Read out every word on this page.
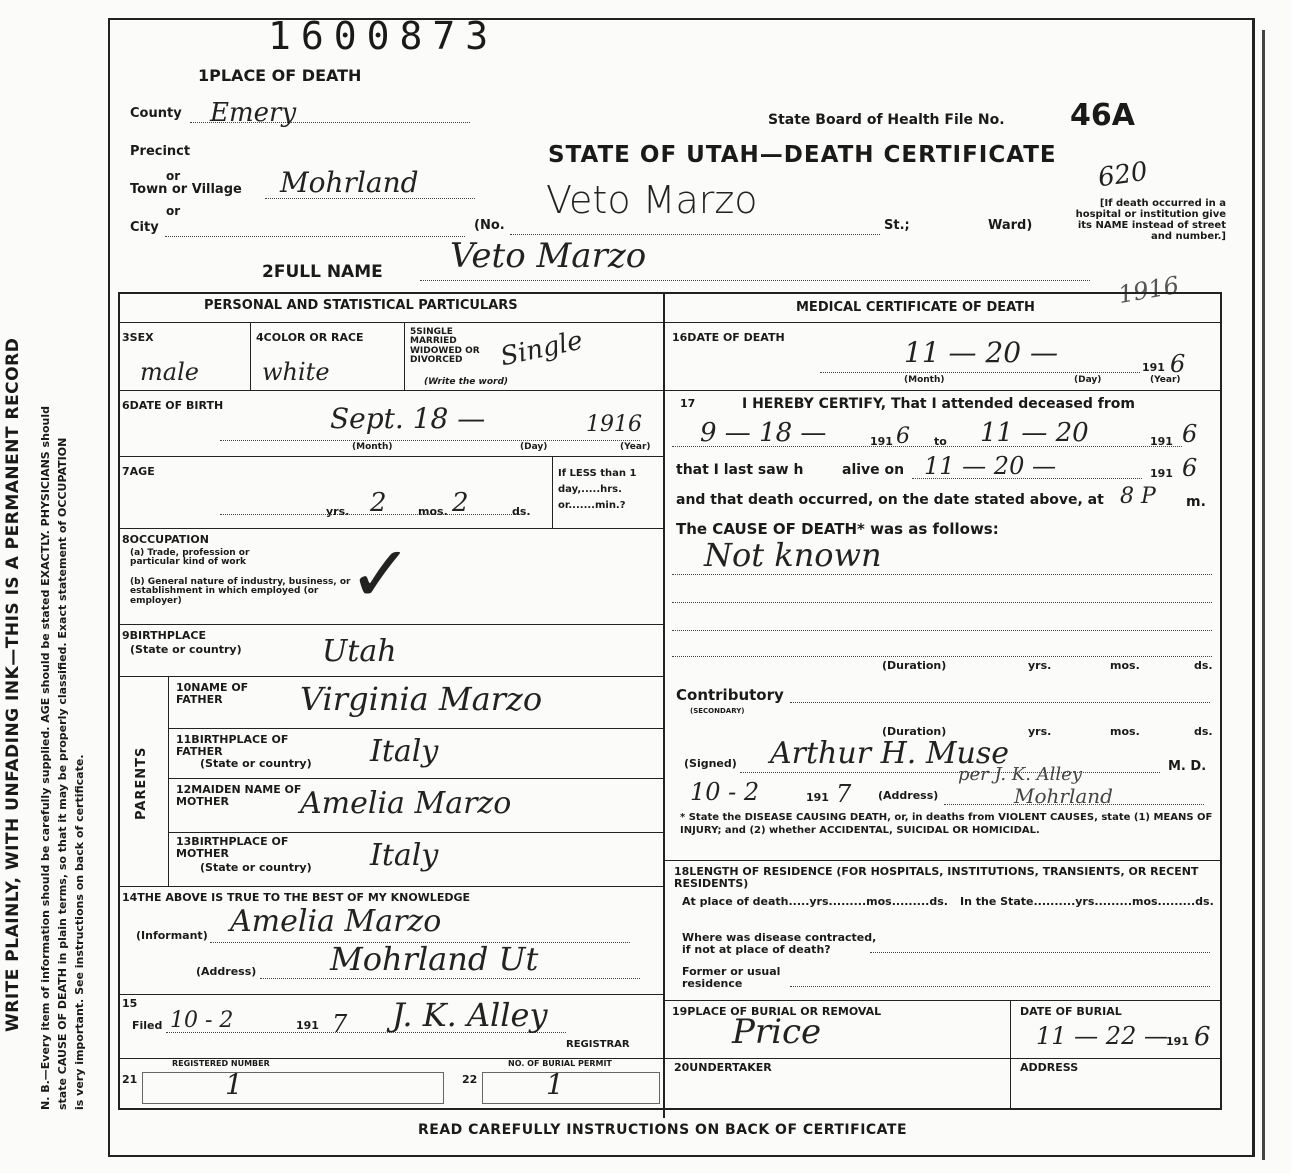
WRITE PLAINLY, WITH UNFADING INK—THIS IS A PERMANENT RECORD N. B.—Every item of information should be carefully supplied. AGE should be stated EXACTLY. PHYSICIANS should state CAUSE OF DEATH in plain terms, so that it may be properly classified. Exact statement of OCCUPATION is very important. See instructions on back of certificate.
1600873
1PLACE OF DEATH
County Emery	State Board of Health File No. 46A
620
Precinct	STATE OF UTAH—DEATH CERTIFICATE
or
Town or Village Mohrland
or
City	(No.
Veto Marzo
St.;	Ward)
[If death occurred in a hospital or institution give its NAME instead of street and number.]
2FULL NAME Veto Marzo
1916
PERSONAL AND STATISTICAL PARTICULARS	MEDICAL CERTIFICATE OF DEATH
3SEX
male
4COLOR OR RACE
white
5SINGLE MARRIED WIDOWED OR DIVORCED
(Write the word)
Single
6DATE OF BIRTH	Sept. 18 —	1916
(Month)	(Day)	(Year)
7AGE
yrs. 2	mos. 2	ds.
If LESS than 1 day,.....hrs. or.......min.?
8OCCUPATION
(a) Trade, profession or particular kind of work
(b) General nature of industry, business, or establishment in which employed (or employer)	✓
9BIRTHPLACE
(State or country)	Utah
PARENTS
10NAME OF FATHER	Virginia Marzo
11BIRTHPLACE OF FATHER
(State or country) Italy
12MAIDEN NAME OF MOTHER	Amelia Marzo
13BIRTHPLACE OF MOTHER
(State or country) Italy
14THE ABOVE IS TRUE TO THE BEST OF MY KNOWLEDGE
(Informant) Amelia Marzo
(Address) Mohrland Ut
15
Filed 10 - 2	191 7 J. K. Alley
REGISTRAR
21
REGISTERED NUMBER
1	22
NO. OF BURIAL PERMIT
1
16DATE OF DEATH	11 — 20 —	191 6
(Month)	(Day)	(Year)
17	I HEREBY CERTIFY, That I attended deceased from
9 — 18 —	191 6 to 11 — 20	191 6
that I last saw h	alive on 11 — 20 —	191 6
and that death occurred, on the date stated above, at 8 P m.
The CAUSE OF DEATH* was as follows:
Not known
(Duration)	yrs.	mos.	ds.
Contributory
(SECONDARY)
(Duration)	yrs.	mos.	ds.
(Signed) Arthur H. Muse	M. D.
per J. K. Alley
10 - 2	191 7 (Address)	Mohrland
* State the DISEASE CAUSING DEATH, or, in deaths from VIOLENT CAUSES, state (1) MEANS OF INJURY; and (2) whether ACCIDENTAL, SUICIDAL OR HOMICIDAL.
18LENGTH OF RESIDENCE (FOR HOSPITALS, INSTITUTIONS, TRANSIENTS, OR RECENT RESIDENTS)
At place of death.....yrs.........mos.........ds.	In the State..........yrs.........mos.........ds.
Where was disease contracted, if not at place of death?
Former or usual residence
19PLACE OF BURIAL OR REMOVAL
Price
DATE OF BURIAL
11 — 22 —
191 6
20UNDERTAKER	ADDRESS
READ CAREFULLY INSTRUCTIONS ON BACK OF CERTIFICATE
